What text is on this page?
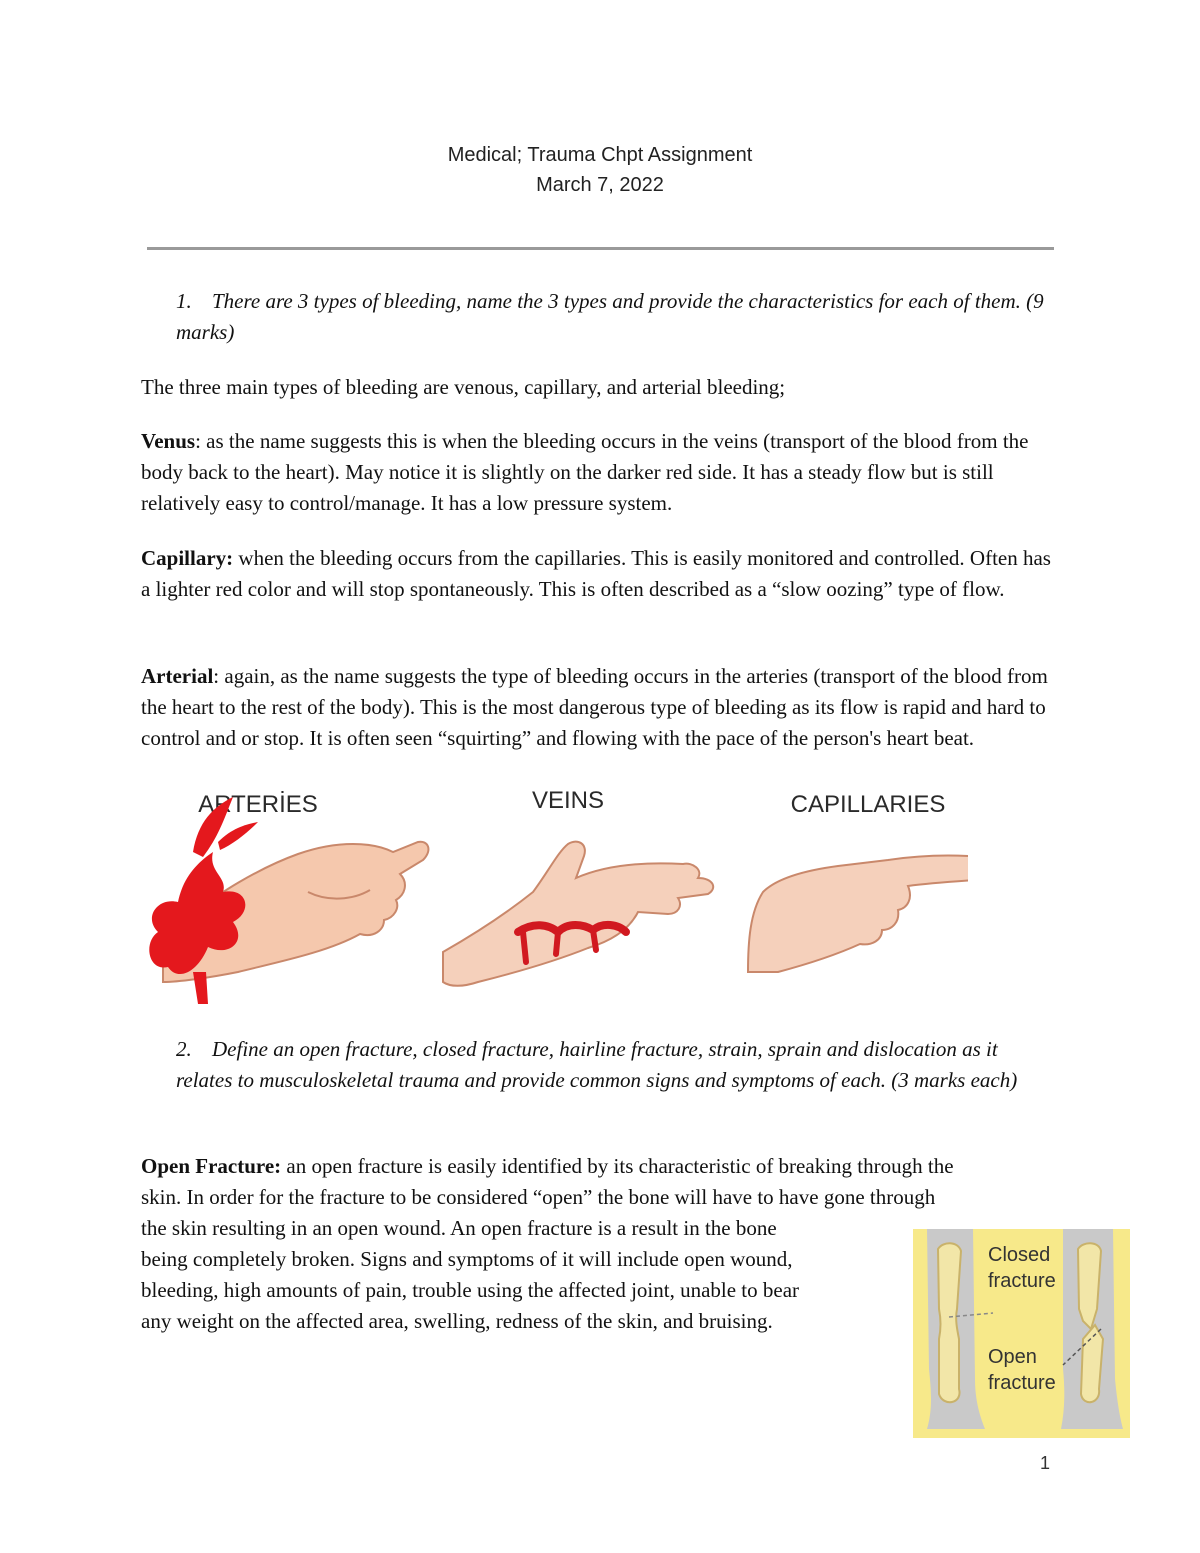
Medical; Trauma Chpt Assignment
March 7, 2022
1. There are 3 types of bleeding, name the 3 types and provide the characteristics for each of them. (9 marks)
The three main types of bleeding are venous, capillary, and arterial bleeding;
Venus: as the name suggests this is when the bleeding occurs in the veins (transport of the blood from the body back to the heart). May notice it is slightly on the darker red side. It has a steady flow but is still relatively easy to control/manage. It has a low pressure system.
Capillary: when the bleeding occurs from the capillaries. This is easily monitored and controlled. Often has a lighter red color and will stop spontaneously. This is often described as a “slow oozing” type of flow.
Arterial: again, as the name suggests the type of bleeding occurs in the arteries (transport of the blood from the heart to the rest of the body). This is the most dangerous type of bleeding as its flow is rapid and hard to control and or stop. It is often seen “squirting” and flowing with the pace of the person's heart beat.
ARTERİES	VEINS	CAPILLARIES
2. Define an open fracture, closed fracture, hairline fracture, strain, sprain and dislocation as it relates to musculoskeletal trauma and provide common signs and symptoms of each. (3 marks each)
Open Fracture: an open fracture is easily identified by its characteristic of breaking through the
skin. In order for the fracture to be considered “open” the bone will have to have gone through
the skin resulting in an open wound. An open fracture is a result in the bone
being completely broken. Signs and symptoms of it will include open wound,
bleeding, high amounts of pain, trouble using the affected joint, unable to bear
any weight on the affected area, swelling, redness of the skin, and bruising.
Closed
fracture
Open
fracture
1
